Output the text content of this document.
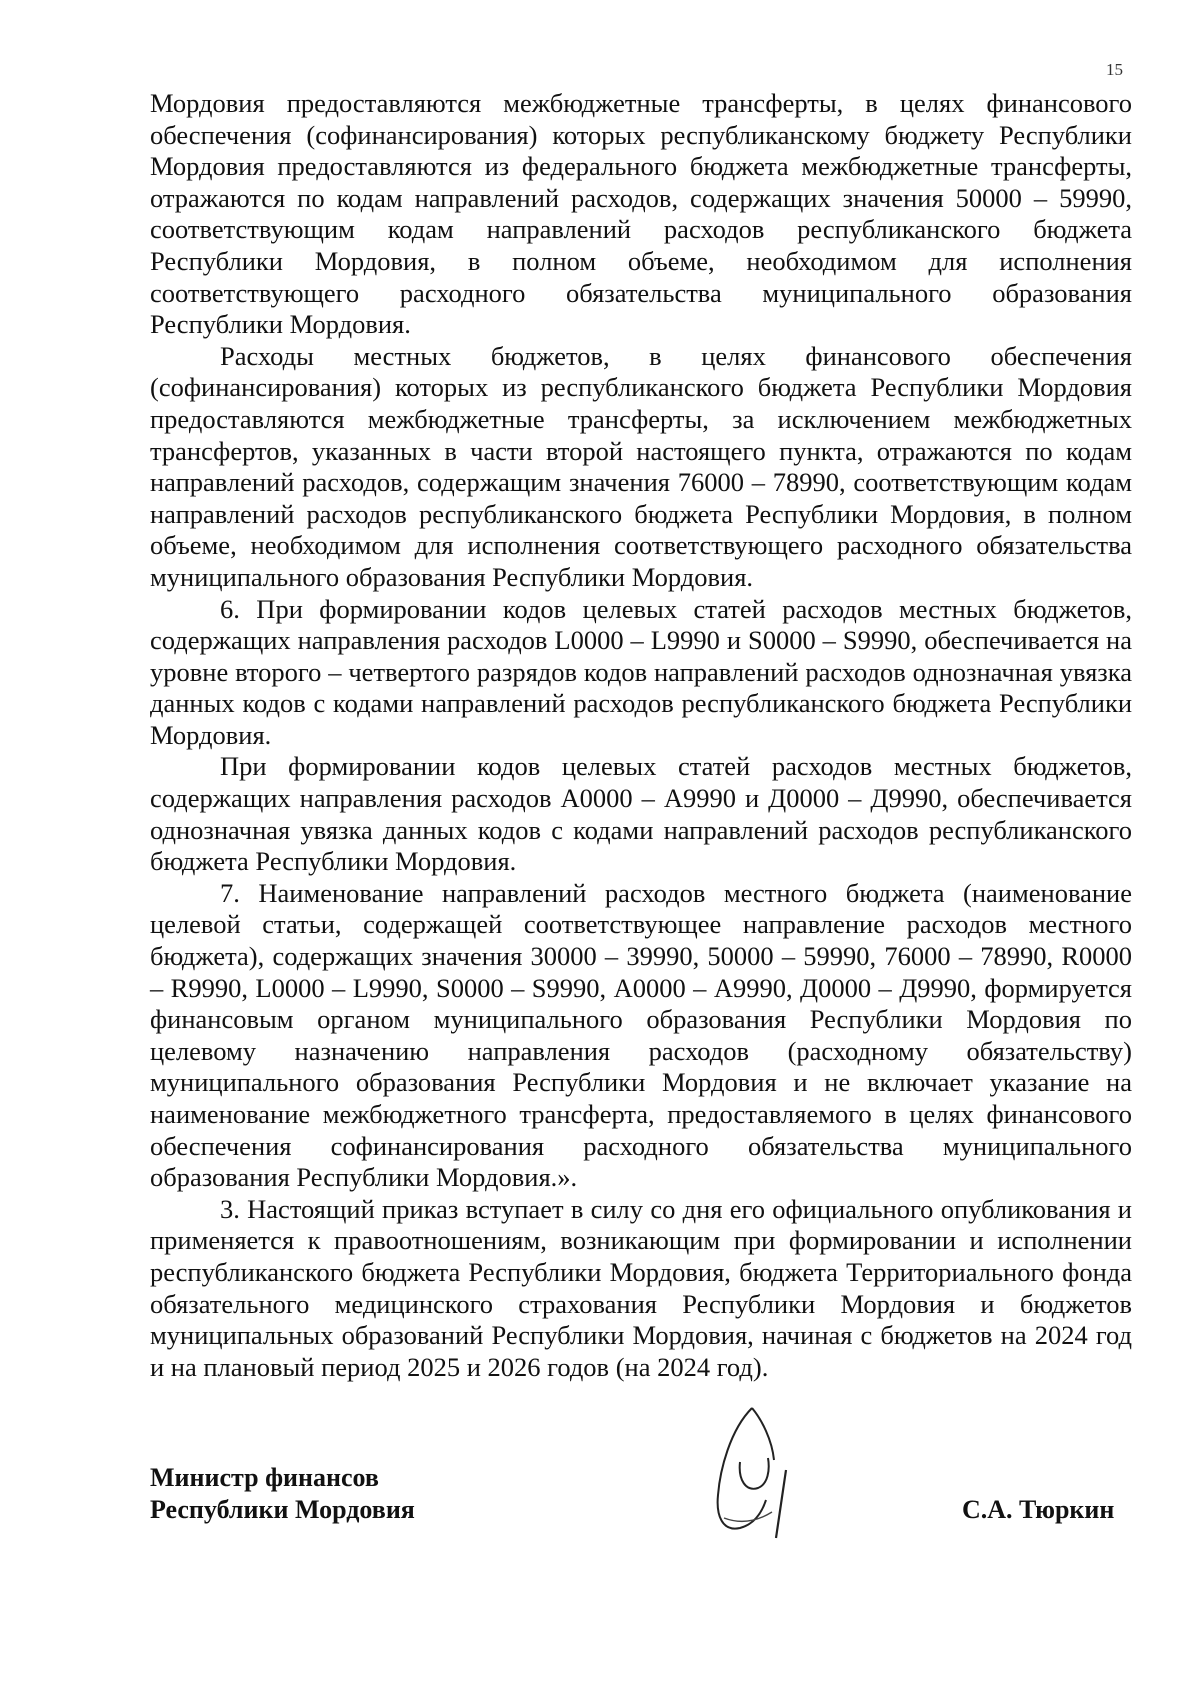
15

Мордовия предоставляются межбюджетные трансферты, в целях финансового обеспечения (софинансирования) которых республиканскому бюджету Республики Мордовия предоставляются из федерального бюджета межбюджетные трансферты, отражаются по кодам направлений расходов, содержащих значения 50000 – 59990, соответствующим кодам направлений расходов республиканского бюджета Республики Мордовия, в полном объеме, необходимом для исполнения соответствующего расходного обязательства муниципального образования Республики Мордовия.

Расходы местных бюджетов, в целях финансового обеспечения (софинансирования) которых из республиканского бюджета Республики Мордовия предоставляются межбюджетные трансферты, за исключением межбюджетных трансфертов, указанных в части второй настоящего пункта, отражаются по кодам направлений расходов, содержащим значения 76000 – 78990, соответствующим кодам направлений расходов республиканского бюджета Республики Мордовия, в полном объеме, необходимом для исполнения соответствующего расходного обязательства муниципального образования Республики Мордовия.

6. При формировании кодов целевых статей расходов местных бюджетов, содержащих направления расходов L0000 – L9990 и S0000 – S9990, обеспечивается на уровне второго – четвертого разрядов кодов направлений расходов однозначная увязка данных кодов с кодами направлений расходов республиканского бюджета Республики Мордовия.

При формировании кодов целевых статей расходов местных бюджетов, содержащих направления расходов А0000 – А9990 и Д0000 – Д9990, обеспечивается однозначная увязка данных кодов с кодами направлений расходов республиканского бюджета Республики Мордовия.

7. Наименование направлений расходов местного бюджета (наименование целевой статьи, содержащей соответствующее направление расходов местного бюджета), содержащих значения 30000 – 39990, 50000 – 59990, 76000 – 78990, R0000 – R9990, L0000 – L9990, S0000 – S9990, А0000 – А9990, Д0000 – Д9990, формируется финансовым органом муниципального образования Республики Мордовия по целевому назначению направления расходов (расходному обязательству) муниципального образования Республики Мордовия и не включает указание на наименование межбюджетного трансферта, предоставляемого в целях финансового обеспечения софинансирования расходного обязательства муниципального образования Республики Мордовия.».

3. Настоящий приказ вступает в силу со дня его официального опубликования и применяется к правоотношениям, возникающим при формировании и исполнении республиканского бюджета Республики Мордовия, бюджета Территориального фонда обязательного медицинского страхования Республики Мордовия и бюджетов муниципальных образований Республики Мордовия, начиная с бюджетов на 2024 год и на плановый период 2025 и 2026 годов (на 2024 год).

Министр финансов
Республики Мордовия	С.А. Тюркин
